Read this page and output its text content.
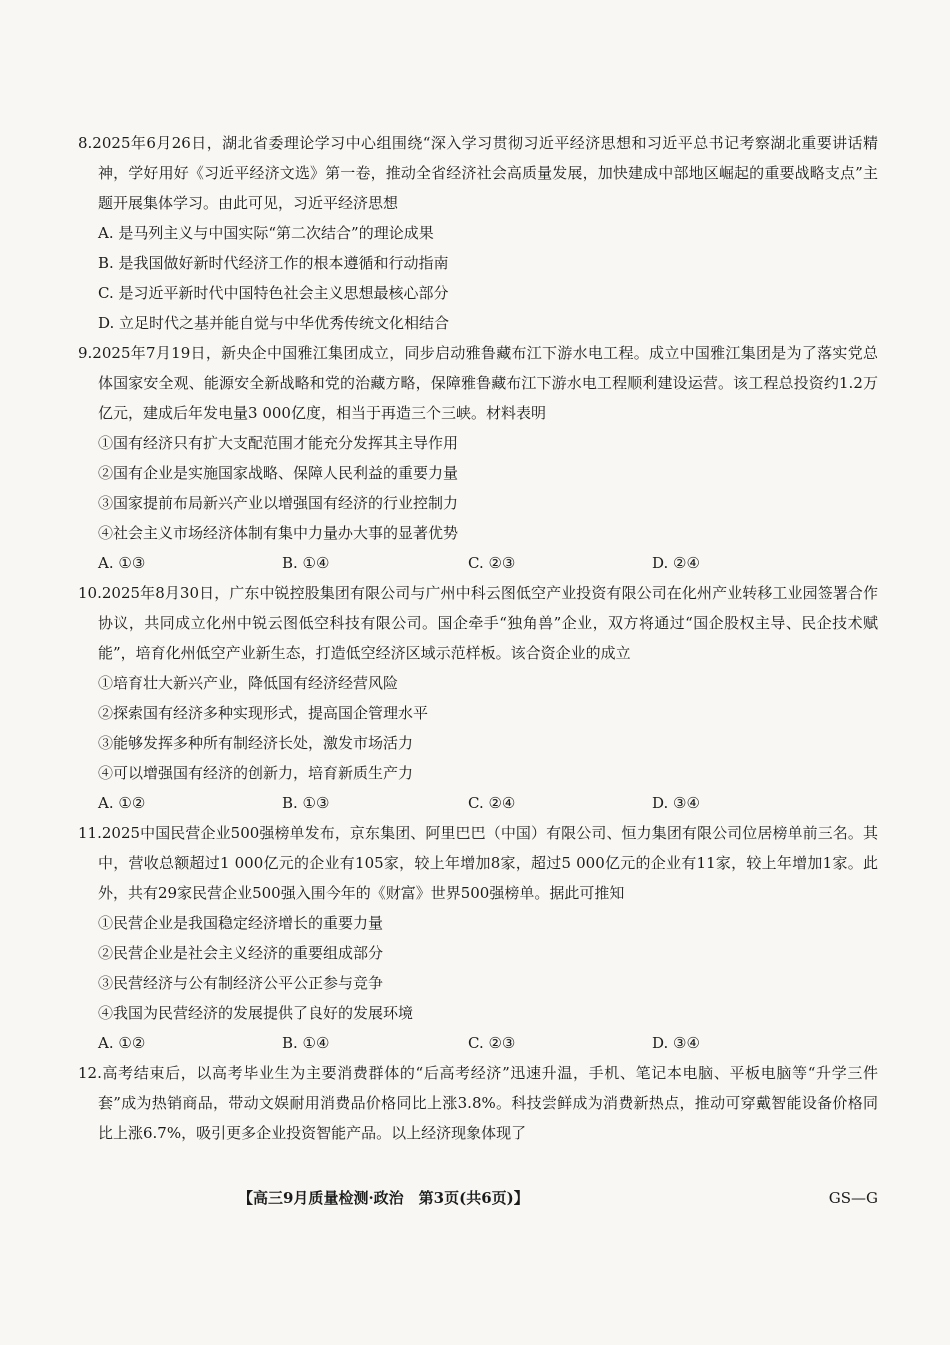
8.2025年6月26日，湖北省委理论学习中心组围绕“深入学习贯彻习近平经济思想和习近平总书记考察湖北重要讲话精神，学好用好《习近平经济文选》第一卷，推动全省经济社会高质量发展，加快建成中部地区崛起的重要战略支点”主题开展集体学习。由此可见，习近平经济思想

A. 是马列主义与中国实际“第二次结合”的理论成果

B. 是我国做好新时代经济工作的根本遵循和行动指南

C. 是习近平新时代中国特色社会主义思想最核心部分

D. 立足时代之基并能自觉与中华优秀传统文化相结合

9.2025年7月19日，新央企中国雅江集团成立，同步启动雅鲁藏布江下游水电工程。成立中国雅江集团是为了落实党总体国家安全观、能源安全新战略和党的治藏方略，保障雅鲁藏布江下游水电工程顺利建设运营。该工程总投资约1.2万亿元，建成后年发电量3 000亿度，相当于再造三个三峡。材料表明

①国有经济只有扩大支配范围才能充分发挥其主导作用

②国有企业是实施国家战略、保障人民利益的重要力量

③国家提前布局新兴产业以增强国有经济的行业控制力

④社会主义市场经济体制有集中力量办大事的显著优势

A. ①③	B. ①④	C. ②③	D. ②④

10.2025年8月30日，广东中锐控股集团有限公司与广州中科云图低空产业投资有限公司在化州产业转移工业园签署合作协议，共同成立化州中锐云图低空科技有限公司。国企牵手“独角兽”企业，双方将通过“国企股权主导、民企技术赋能”，培育化州低空产业新生态，打造低空经济区域示范样板。该合资企业的成立

①培育壮大新兴产业，降低国有经济经营风险

②探索国有经济多种实现形式，提高国企管理水平

③能够发挥多种所有制经济长处，激发市场活力

④可以增强国有经济的创新力，培育新质生产力

A. ①②	B. ①③	C. ②④	D. ③④

11.2025中国民营企业500强榜单发布，京东集团、阿里巴巴（中国）有限公司、恒力集团有限公司位居榜单前三名。其中，营收总额超过1 000亿元的企业有105家，较上年增加8家，超过5 000亿元的企业有11家，较上年增加1家。此外，共有29家民营企业500强入围今年的《财富》世界500强榜单。据此可推知

①民营企业是我国稳定经济增长的重要力量

②民营企业是社会主义经济的重要组成部分

③民营经济与公有制经济公平公正参与竞争

④我国为民营经济的发展提供了良好的发展环境

A. ①②	B. ①④	C. ②③	D. ③④

12.高考结束后，以高考毕业生为主要消费群体的“后高考经济”迅速升温，手机、笔记本电脑、平板电脑等“升学三件套”成为热销商品，带动文娱耐用消费品价格同比上涨3.8%。科技尝鲜成为消费新热点，推动可穿戴智能设备价格同比上涨6.7%，吸引更多企业投资智能产品。以上经济现象体现了

【高三9月质量检测·政治　第3页(共6页)】	GS—G
